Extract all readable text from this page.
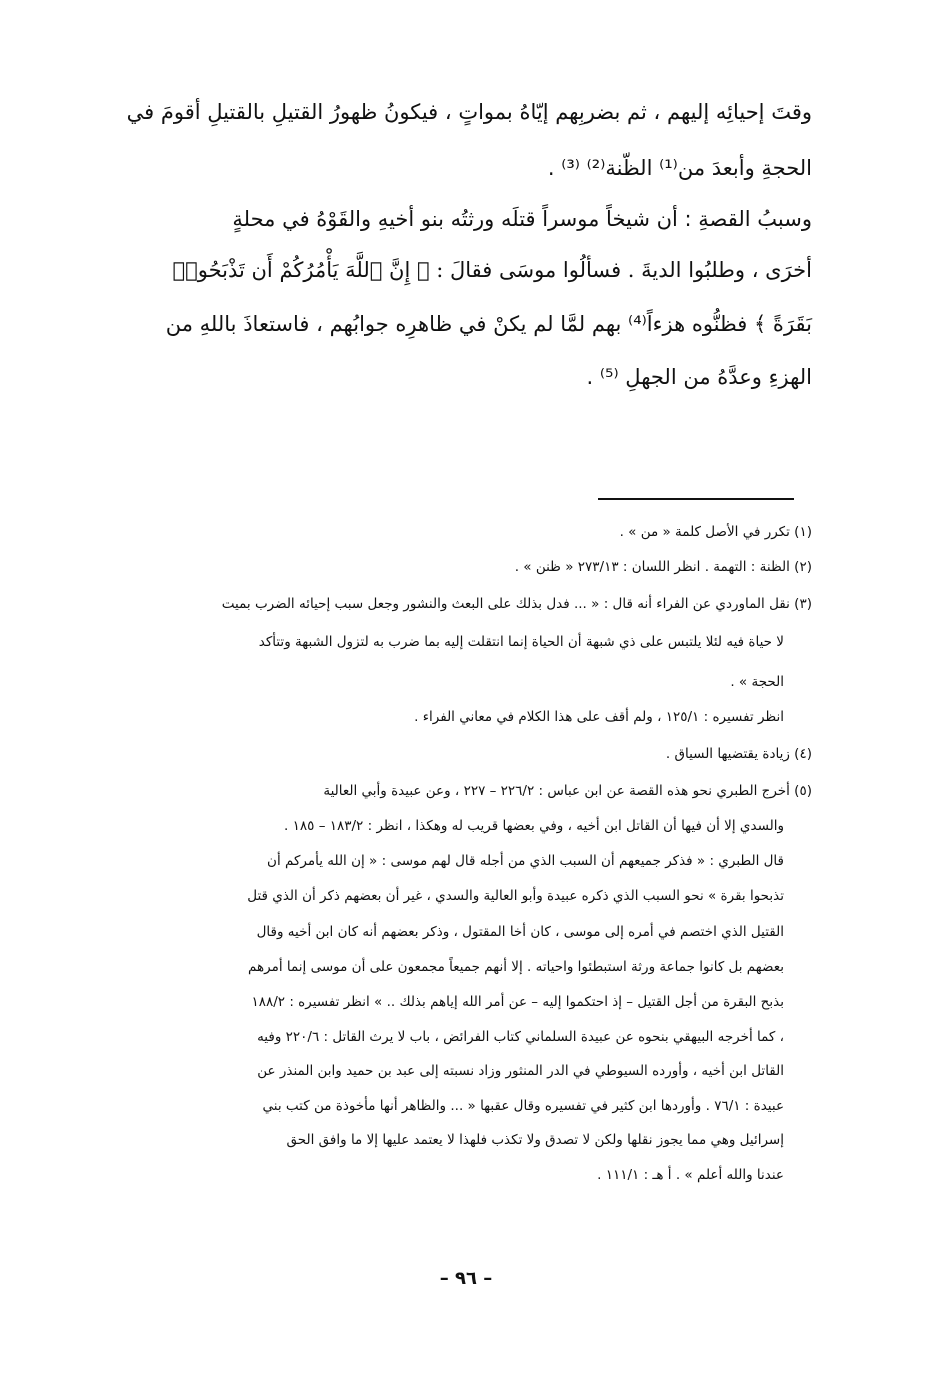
وقتَ إحيائِه إليهم ، ثم بضربِهم إيّاهُ بمواتٍ ، فيكونُ ظهورُ القتيلِ بالقتيلِ أقومَ في
الحجةِ وأبعدَ من⁽¹⁾ الظّنة⁽²⁾ ⁽³⁾ .
وسببُ القصةِ : أن شيخاً موسراً قتلَه ورثتُه بنو أخيهِ والقَوْهُ في محلةٍ
أخرَى ، وطلبُوا الديةَ . فسألُوا موسَى فقالَ : ﴿ إِنَّ ٱللَّهَ يَأْمُرُكُمْ أَن تَذْبَحُوا۟
بَقَرَةً ﴾ فظنُّوه هزءاً⁽⁴⁾ بهم لمَّا لم يكنْ في ظاهرِه جوابُهم ، فاستعاذَ باللهِ من
الهزءِ وعدَّهُ من الجهلِ ⁽⁵⁾ .
(١) تكرر في الأصل كلمة « من » .
(٢) الظنة : التهمة . انظر اللسان : ٢٧٣/١٣ « ظنن » .
(٣) نقل الماوردي عن الفراء أنه قال : « ... فدل بذلك على البعث والنشور وجعل سبب إحيائه الضرب بميت
لا حياة فيه لئلا يلتبس على ذي شبهة أن الحياة إنما انتقلت إليه بما ضرب به لتزول الشبهة وتتأكد
الحجة » .
انظر تفسيره : ١٢٥/١ ، ولم أقف على هذا الكلام في معاني الفراء .
(٤) زيادة يقتضيها السياق .
(٥) أخرج الطبري نحو هذه القصة عن ابن عباس : ٢٢٦/٢ – ٢٢٧ ، وعن عبيدة وأبي العالية
والسدي إلا أن فيها أن القاتل ابن أخيه ، وفي بعضها قريب له وهكذا ، انظر : ١٨٣/٢ – ١٨٥ .
قال الطبري : « فذكر جميعهم أن السبب الذي من أجله قال لهم موسى : « إن الله يأمركم أن
تذبحوا بقرة » نحو السبب الذي ذكره عبيدة وأبو العالية والسدي ، غير أن بعضهم ذكر أن الذي قتل
القتيل الذي اختصم في أمره إلى موسى ، كان أخا المقتول ، وذكر بعضهم أنه كان ابن أخيه وقال
بعضهم بل كانوا جماعة ورثة استبطئوا واحياته . إلا أنهم جميعاً مجمعون على أن موسى إنما أمرهم
بذبح البقرة من أجل القتيل – إذ احتكموا إليه – عن أمر الله إياهم بذلك .. » انظر تفسيره : ١٨٨/٢
، كما أخرجه البيهقي بنحوه عن عبيدة السلماني كتاب الفرائض ، باب لا يرث القاتل : ٢٢٠/٦ وفيه
القاتل ابن أخيه ، وأورده السيوطي في الدر المنثور وزاد نسبته إلى عبد بن حميد وابن المنذر عن
عبيدة : ٧٦/١ . وأوردها ابن كثير في تفسيره وقال عقبها « ... والظاهر أنها مأخوذة من كتب بني
إسرائيل وهي مما يجوز نقلها ولكن لا تصدق ولا تكذب فلهذا لا يعتمد عليها إلا ما وافق الحق
عندنا والله أعلم » . أ هـ : ١١١/١ .
– ٩٦ –
